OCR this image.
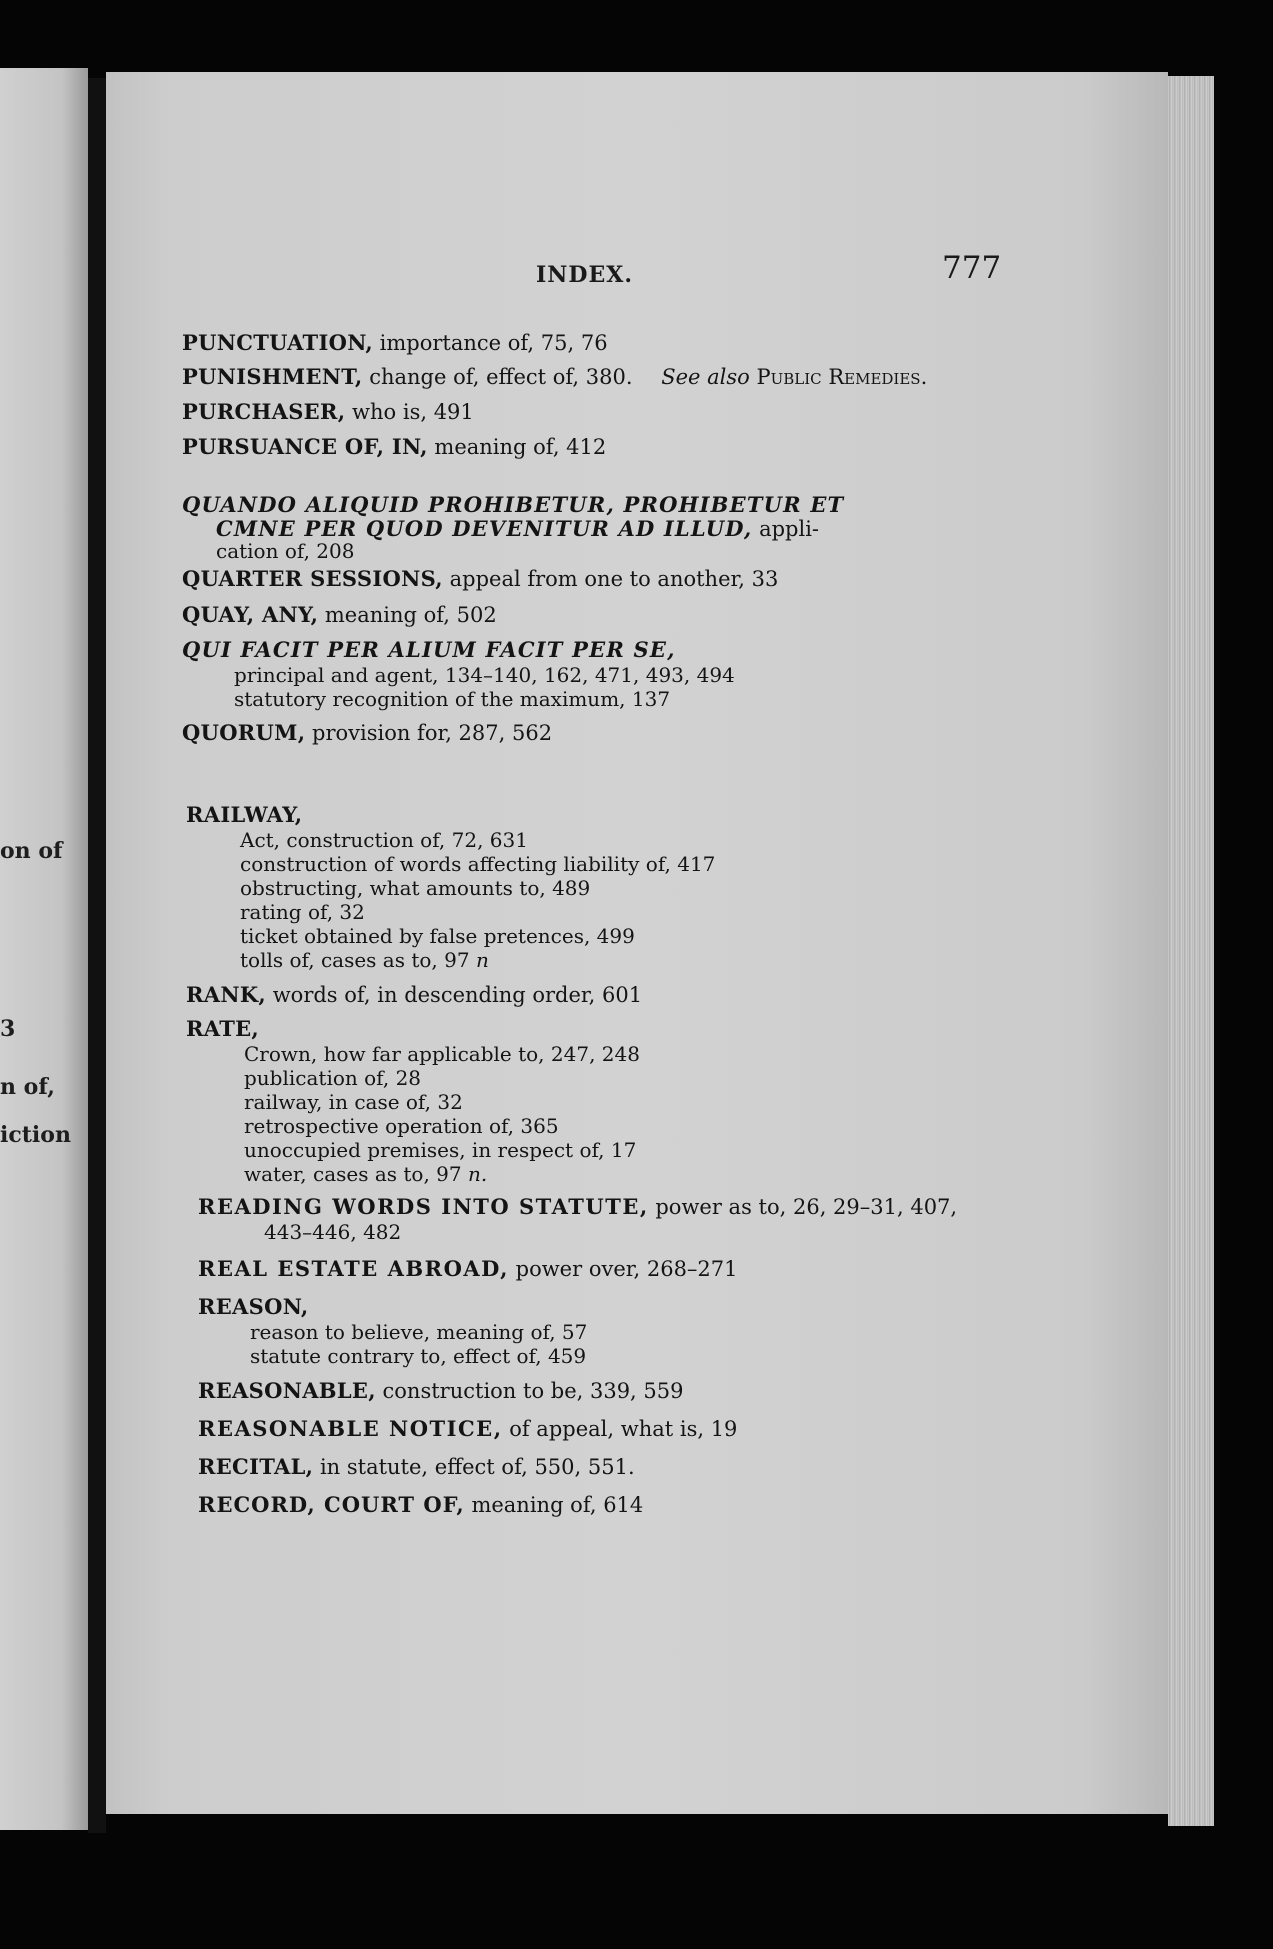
on of
3
n of,
iction
INDEX.	777
PUNCTUATION, importance of, 75, 76
PUNISHMENT, change of, effect of, 380. See also Public Remedies.
PURCHASER, who is, 491
PURSUANCE OF, IN, meaning of, 412
QUANDO ALIQUID PROHIBETUR, PROHIBETUR ET
CMNE PER QUOD DEVENITUR AD ILLUD, appli-
cation of, 208
QUARTER SESSIONS, appeal from one to another, 33
QUAY, ANY, meaning of, 502
QUI FACIT PER ALIUM FACIT PER SE,
principal and agent, 134–140, 162, 471, 493, 494
statutory recognition of the maximum, 137
QUORUM, provision for, 287, 562
RAILWAY,
Act, construction of, 72, 631
construction of words affecting liability of, 417
obstructing, what amounts to, 489
rating of, 32
ticket obtained by false pretences, 499
tolls of, cases as to, 97 n
RANK, words of, in descending order, 601
RATE,
Crown, how far applicable to, 247, 248
publication of, 28
railway, in case of, 32
retrospective operation of, 365
unoccupied premises, in respect of, 17
water, cases as to, 97 n.
READING WORDS INTO STATUTE, power as to, 26, 29–31, 407,
443–446, 482
REAL ESTATE ABROAD, power over, 268–271
REASON,
reason to believe, meaning of, 57
statute contrary to, effect of, 459
REASONABLE, construction to be, 339, 559
REASONABLE NOTICE, of appeal, what is, 19
RECITAL, in statute, effect of, 550, 551.
RECORD, COURT OF, meaning of, 614
